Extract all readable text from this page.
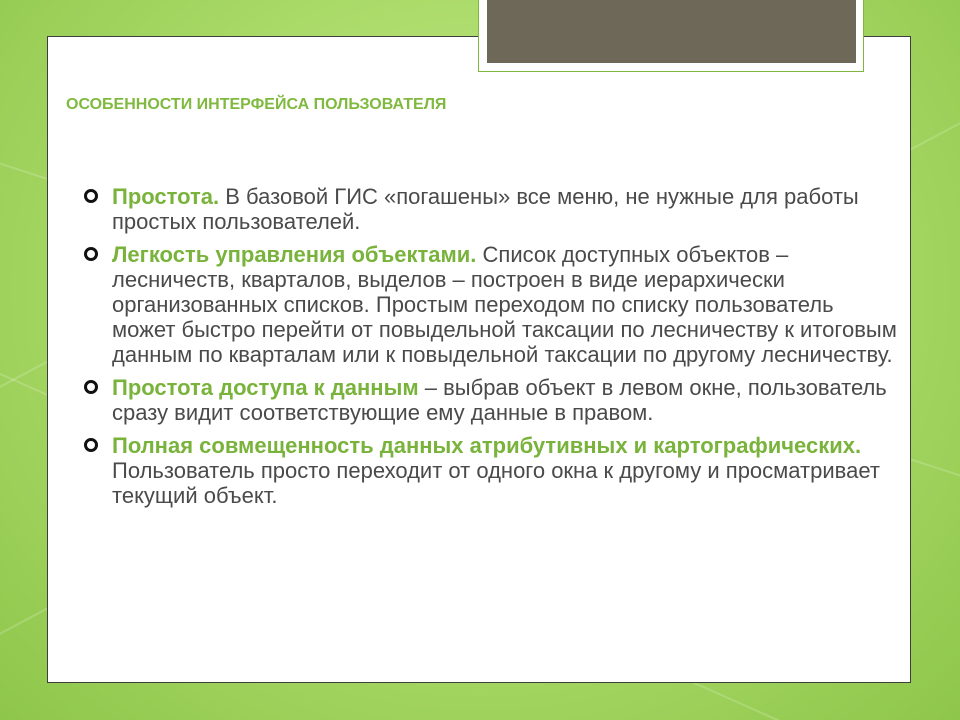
ОСОБЕННОСТИ ИНТЕРФЕЙСА ПОЛЬЗОВАТЕЛЯ
Простота. В базовой ГИС «погашены» все меню, не нужные для работы простых пользователей.
Легкость управления объектами. Список доступных объектов – лесничеств, кварталов, выделов – построен в виде иерархически организованных списков. Простым переходом по списку пользователь может быстро перейти от повыдельной таксации по лесничеству к итоговым данным по кварталам или к повыдельной таксации по другому лесничеству.
Простота доступа к данным – выбрав объект в левом окне, пользователь сразу видит соответствующие ему данные в правом.
Полная совмещенность данных атрибутивных и картографических. Пользователь просто переходит от одного окна к другому и просматривает текущий объект.
